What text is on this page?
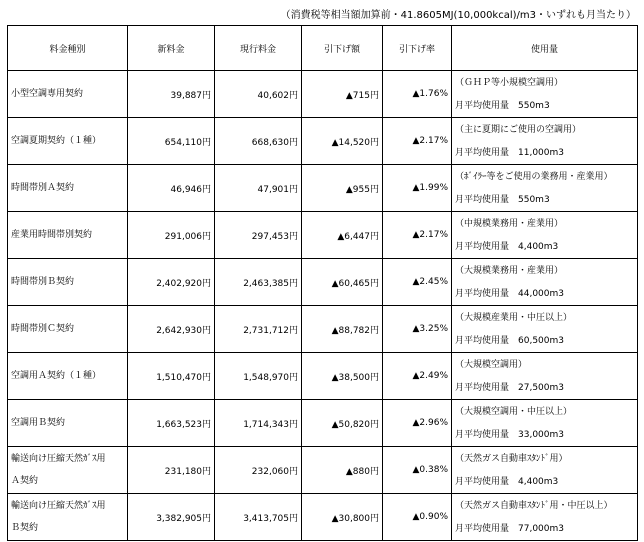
（消費税等相当額加算前・41.8605MJ(10,000kcal)/m3・いずれも月当たり）
料金種別	新料金	現行料金	引下げ額	引下げ率	使用量

小型空調専用契約	39,887円	40,602円	▲715円	▲1.76%	（ＧＨＰ等小規模空調用）
月平均使用量　550m3

空調夏期契約（１種）	654,110円	668,630円	▲14,520円	▲2.17%	（主に夏期にご使用の空調用）
月平均使用量　11,000m3

時間帯別Ａ契約	46,946円	47,901円	▲955円	▲1.99%	（ﾎﾞｲﾗｰ等をご使用の業務用・産業用）
月平均使用量　550m3

産業用時間帯別契約	291,006円	297,453円	▲6,447円	▲2.17%	（中規模業務用・産業用）
月平均使用量　4,400m3

時間帯別Ｂ契約	2,402,920円	2,463,385円	▲60,465円	▲2.45%	（大規模業務用・産業用）
月平均使用量　44,000m3

時間帯別Ｃ契約	2,642,930円	2,731,712円	▲88,782円	▲3.25%	（大規模産業用・中圧以上）
月平均使用量　60,500m3

空調用Ａ契約（１種）	1,510,470円	1,548,970円	▲38,500円	▲2.49%	（大規模空調用）
月平均使用量　27,500m3

空調用Ｂ契約	1,663,523円	1,714,343円	▲50,820円	▲2.96%	（大規模空調用・中圧以上）
月平均使用量　33,000m3

輸送向け圧縮天然ｶﾞｽ用
Ａ契約	231,180円	232,060円	▲880円	▲0.38%	（天然ガス自動車ｽﾀﾝﾄﾞ用）
月平均使用量　4,400m3

輸送向け圧縮天然ｶﾞｽ用
Ｂ契約	3,382,905円	3,413,705円	▲30,800円	▲0.90%	（天然ガス自動車ｽﾀﾝﾄﾞ用・中圧以上）
月平均使用量　77,000m3
